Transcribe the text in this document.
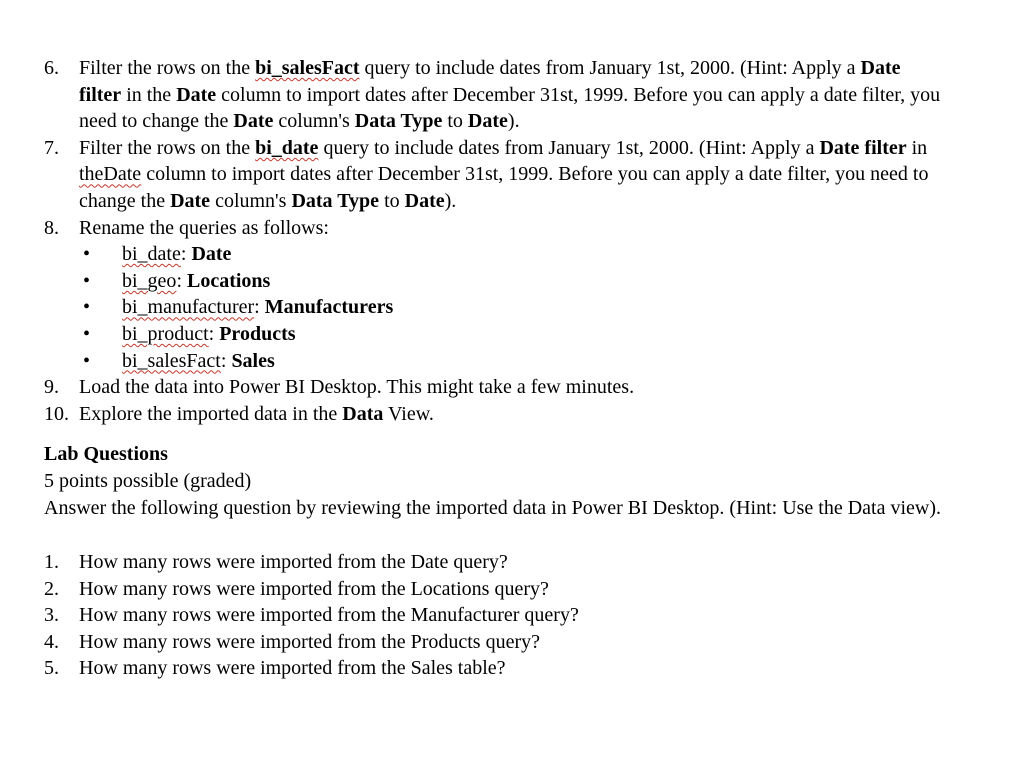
6. Filter the rows on the bi_salesFact query to include dates from January 1st, 2000. (Hint: Apply a Date filter in the Date column to import dates after December 31st, 1999. Before you can apply a date filter, you need to change the Date column's Data Type to Date).
7. Filter the rows on the bi_date query to include dates from January 1st, 2000. (Hint: Apply a Date filter in theDate column to import dates after December 31st, 1999. Before you can apply a date filter, you need to change the Date column's Data Type to Date).
8. Rename the queries as follows:
• bi_date: Date
• bi_geo: Locations
• bi_manufacturer: Manufacturers
• bi_product: Products
• bi_salesFact: Sales
9. Load the data into Power BI Desktop. This might take a few minutes.
10. Explore the imported data in the Data View.
Lab Questions
5 points possible (graded)
Answer the following question by reviewing the imported data in Power BI Desktop. (Hint: Use the Data view).
1. How many rows were imported from the Date query?
2. How many rows were imported from the Locations query?
3. How many rows were imported from the Manufacturer query?
4. How many rows were imported from the Products query?
5. How many rows were imported from the Sales table?
